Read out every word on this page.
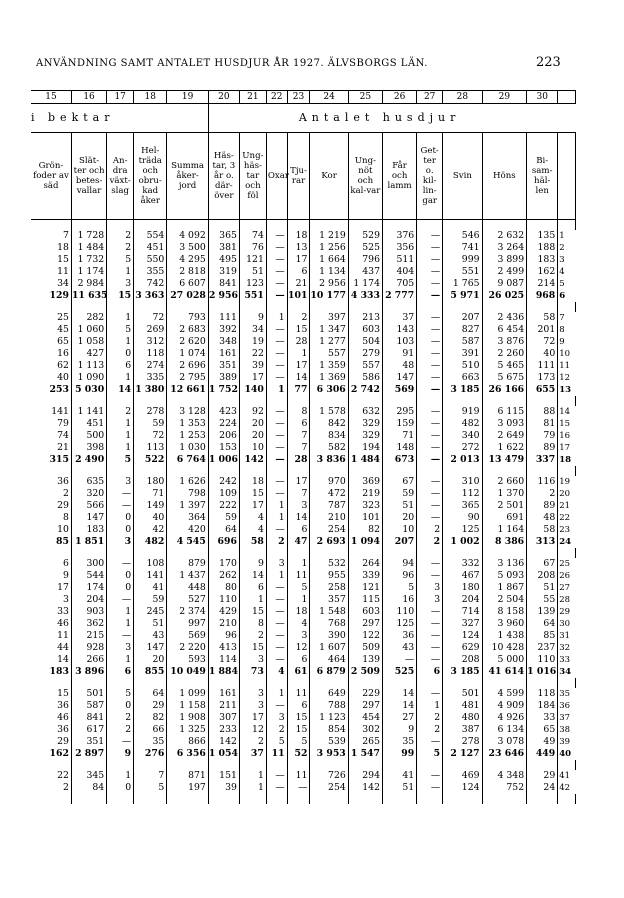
ANVÄNDNING SAMT ANTALET HUSDJUR ÅR 1927. ÄLVSBORGS LÄN.	223
15	16	17	18	19	20	21	22	23	24	25	26	27	28	29	30	
i bektar					Antalet husdjur											
Grön-foder av säd	Slät-ter och betes-vallar	An-dra växt-slag	Hel-träda och obru-kad åker	Summa åker-jord	Häs-tar, 3 år o. där-över	Ung-häs-tar och föl	Oxar	Tju-rar	Kor	Ung-nöt och kal-var	Får och lamm	Get-ter o. kil-lin-gar	Svin	Höns	Bi-sam-häl-len	

7	1 728	2	554	4 092	365	74	—	18	1 219	529	376	—	546	2 632	135	1
18	1 484	2	451	3 500	381	76	—	13	1 256	525	356	—	741	3 264	188	2
15	1 732	5	550	4 295	495	121	—	17	1 664	796	511	—	999	3 899	183	3
11	1 174	1	355	2 818	319	51	—	6	1 134	437	404	—	551	2 499	162	4
34	2 984	3	742	6 607	841	123	—	21	2 956	1 174	705	—	1 765	9 087	214	5
129	11 635	15	3 363	27 028	2 956	551	—	101	10 177	4 333	2 777	—	5 971	26 025	968	6

25	282	1	72	793	111	9	1	2	397	213	37	—	207	2 436	58	7
45	1 060	5	269	2 683	392	34	—	15	1 347	603	143	—	827	6 454	201	8
65	1 058	1	312	2 620	348	19	—	28	1 277	504	103	—	587	3 876	72	9
16	427	0	118	1 074	161	22	—	1	557	279	91	—	391	2 260	40	10
62	1 113	6	274	2 696	351	39	—	17	1 359	557	48	—	510	5 465	111	11
40	1 090	1	335	2 795	389	17	—	14	1 369	586	147	—	663	5 675	173	12
253	5 030	14	1 380	12 661	1 752	140	1	77	6 306	2 742	569	—	3 185	26 166	655	13

141	1 141	2	278	3 128	423	92	—	8	1 578	632	295	—	919	6 115	88	14
79	451	1	59	1 353	224	20	—	6	842	329	159	—	482	3 093	81	15
74	500	1	72	1 253	206	20	—	7	834	329	71	—	340	2 649	79	16
21	398	1	113	1 030	153	10	—	7	582	194	148	—	272	1 622	89	17
315	2 490	5	522	6 764	1 006	142	—	28	3 836	1 484	673	—	2 013	13 479	337	18

36	635	3	180	1 626	242	18	—	17	970	369	67	—	310	2 660	116	19
2	320	—	71	798	109	15	—	7	472	219	59	—	112	1 370	2	20
29	566	—	149	1 397	222	17	1	3	787	323	51	—	365	2 501	89	21
8	147	0	40	364	59	4	1	14	210	101	20	—	90	691	48	22
10	183	0	42	420	64	4	—	6	254	82	10	2	125	1 164	58	23
85	1 851	3	482	4 545	696	58	2	47	2 693	1 094	207	2	1 002	8 386	313	24

6	300	—	108	879	170	9	3	1	532	264	94	—	332	3 136	67	25
9	544	0	141	1 437	262	14	1	11	955	339	96	—	467	5 093	208	26
17	174	0	41	448	80	6	—	5	258	121	5	3	180	1 867	51	27
3	204	—	59	527	110	1	—	1	357	115	16	3	204	2 504	55	28
33	903	1	245	2 374	429	15	—	18	1 548	603	110	—	714	8 158	139	29
46	362	1	51	997	210	8	—	4	768	297	125	—	327	3 960	64	30
11	215	—	43	569	96	2	—	3	390	122	36	—	124	1 438	85	31
44	928	3	147	2 220	413	15	—	12	1 607	509	43	—	629	10 428	237	32
14	266	1	20	593	114	3	—	6	464	139	—	—	208	5 000	110	33
183	3 896	6	855	10 049	1 884	73	4	61	6 879	2 509	525	6	3 185	41 614	1 016	34

15	501	5	64	1 099	161	3	1	11	649	229	14	—	501	4 599	118	35
36	587	0	29	1 158	211	3	—	6	788	297	14	1	481	4 909	184	36
46	841	2	82	1 908	307	17	3	15	1 123	454	27	2	480	4 926	33	37
36	617	2	66	1 325	233	12	2	15	854	302	9	2	387	6 134	65	38
29	351	—	35	866	142	2	5	5	539	265	35	—	278	3 078	49	39
162	2 897	9	276	6 356	1 054	37	11	52	3 953	1 547	99	5	2 127	23 646	449	40

22	345	1	7	871	151	1	—	11	726	294	41	—	469	4 348	29	41
2	84	0	5	197	39	1	—	—	254	142	51	—	124	752	24	42
